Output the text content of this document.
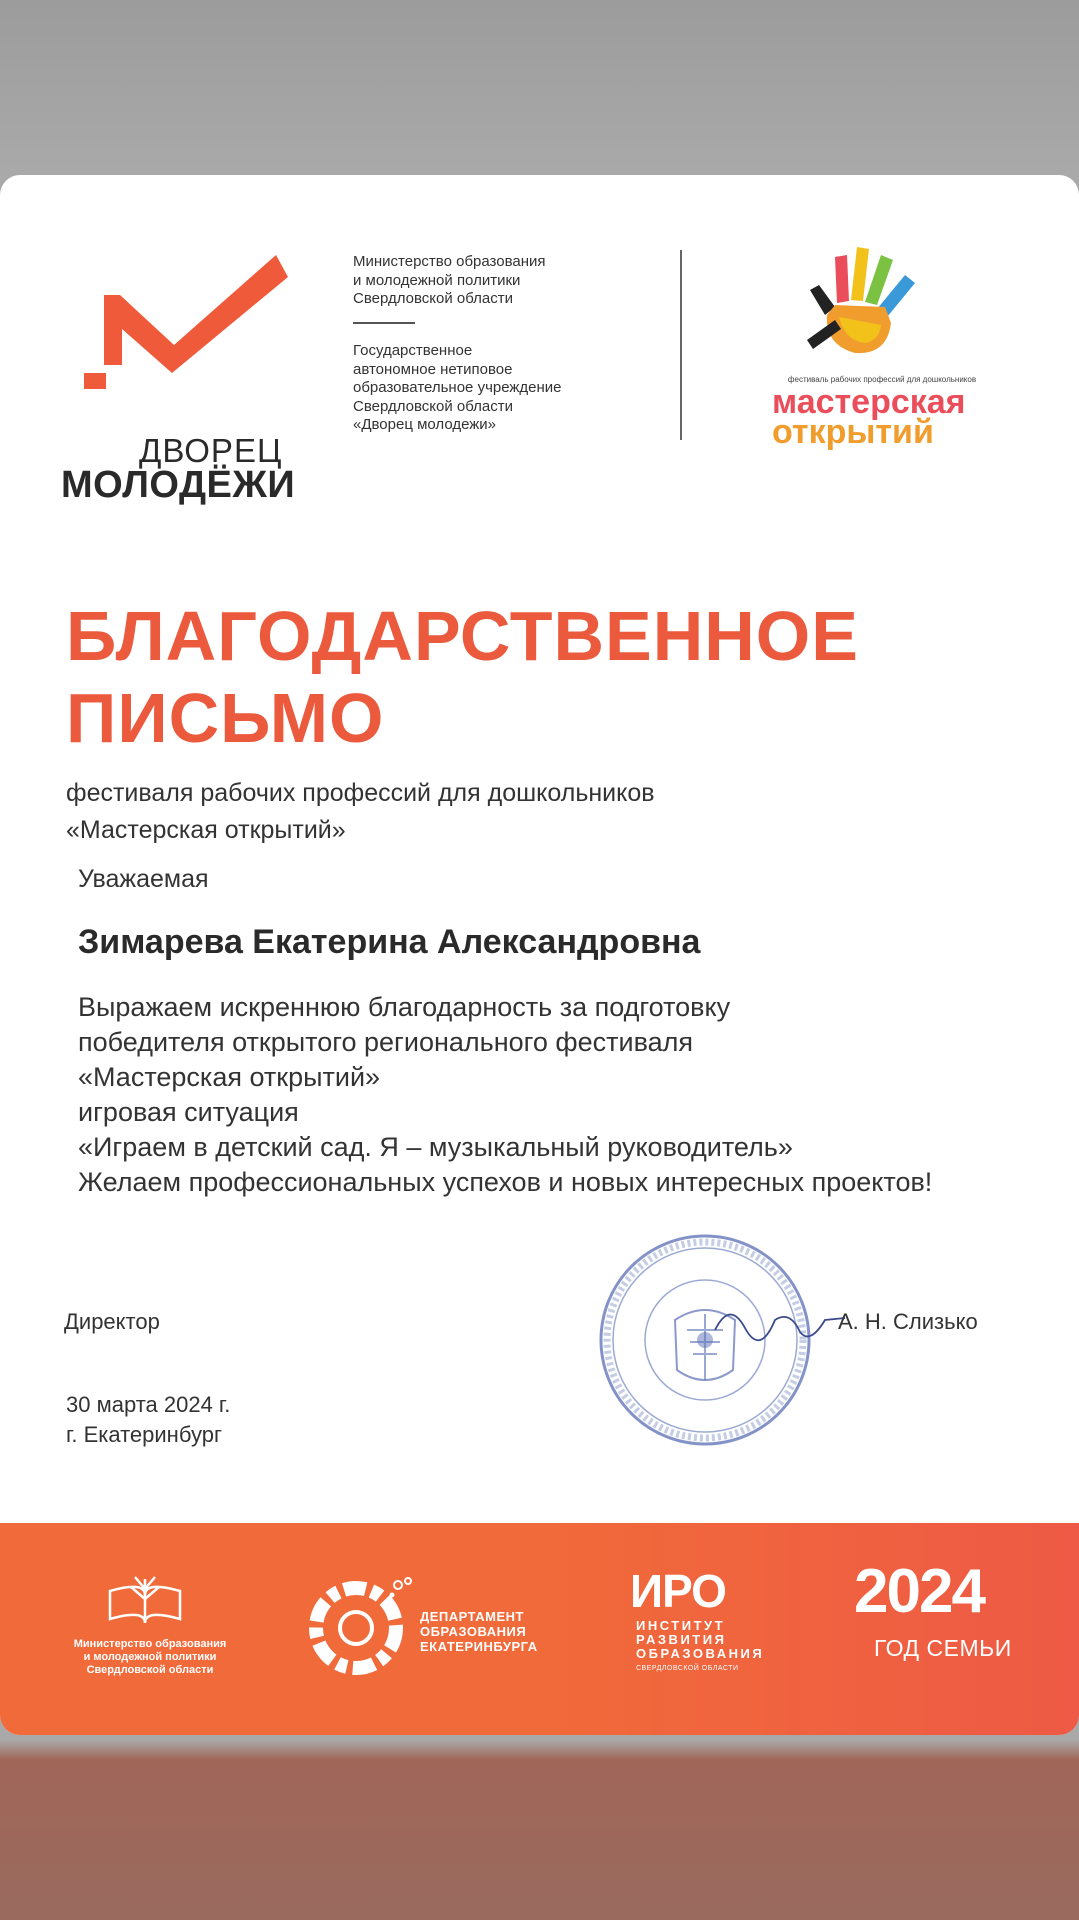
ДВОРЕЦ
МОЛОДЁЖИ
Министерство образования
и молодежной политики
Свердловской области
Государственное
автономное нетиповое
образовательное учреждение
Свердловской области
«Дворец молодежи»
фестиваль рабочих профессий для дошкольников
мастерская
открытий
БЛАГОДАРСТВЕННОЕ
ПИСЬМО
фестиваля рабочих профессий для дошкольников
«Мастерская открытий»
Уважаемая
Зимарева Екатерина Александровна
Выражаем искреннюю благодарность за подготовку
победителя открытого регионального фестиваля
«Мастерская открытий»
игровая ситуация
«Играем в детский сад. Я – музыкальный руководитель»
Желаем профессиональных успехов и новых интересных проектов!
Директор	А. Н. Слизько
30 марта 2024 г.
г. Екатеринбург
Министерство образования
и молодежной политики
Свердловской области
ДЕПАРТАМЕНТ
ОБРАЗОВАНИЯ
ЕКАТЕРИНБУРГА
ИРО
ИНСТИТУТ
РАЗВИТИЯ
ОБРАЗОВАНИЯ
СВЕРДЛОВСКОЙ ОБЛАСТИ
2024
ГОД СЕМЬИ
